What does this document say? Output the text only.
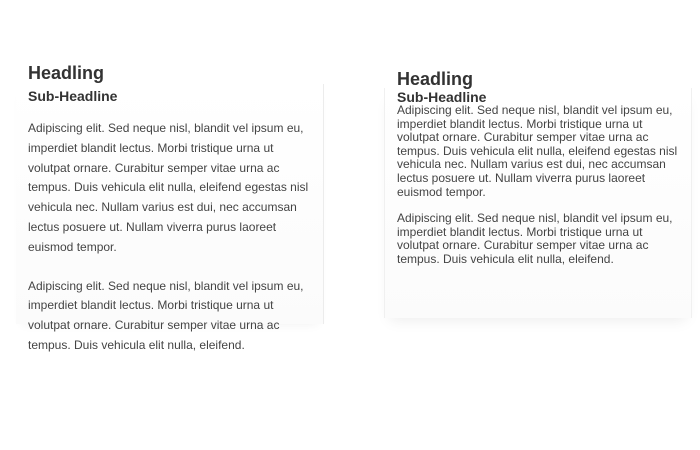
Headling
Sub-Headline

Adipiscing elit. Sed neque nisl, blandit vel ipsum eu, imperdiet blandit lectus. Morbi tristique urna ut volutpat ornare. Curabitur semper vitae urna ac tempus. Duis vehicula elit nulla, eleifend egestas nisl vehicula nec. Nullam varius est dui, nec accumsan lectus posuere ut. Nullam viverra purus laoreet euismod tempor.

Adipiscing elit. Sed neque nisl, blandit vel ipsum eu, imperdiet blandit lectus. Morbi tristique urna ut volutpat ornare. Curabitur semper vitae urna ac tempus. Duis vehicula elit nulla, eleifend.

Headling
Sub-Headline

Adipiscing elit. Sed neque nisl, blandit vel ipsum eu, imperdiet blandit lectus. Morbi tristique urna ut volutpat ornare. Curabitur semper vitae urna ac tempus. Duis vehicula elit nulla, eleifend egestas nisl vehicula nec. Nullam varius est dui, nec accumsan lectus posuere ut. Nullam viverra purus laoreet euismod tempor.

Adipiscing elit. Sed neque nisl, blandit vel ipsum eu, imperdiet blandit lectus. Morbi tristique urna ut volutpat ornare. Curabitur semper vitae urna ac tempus. Duis vehicula elit nulla, eleifend.
